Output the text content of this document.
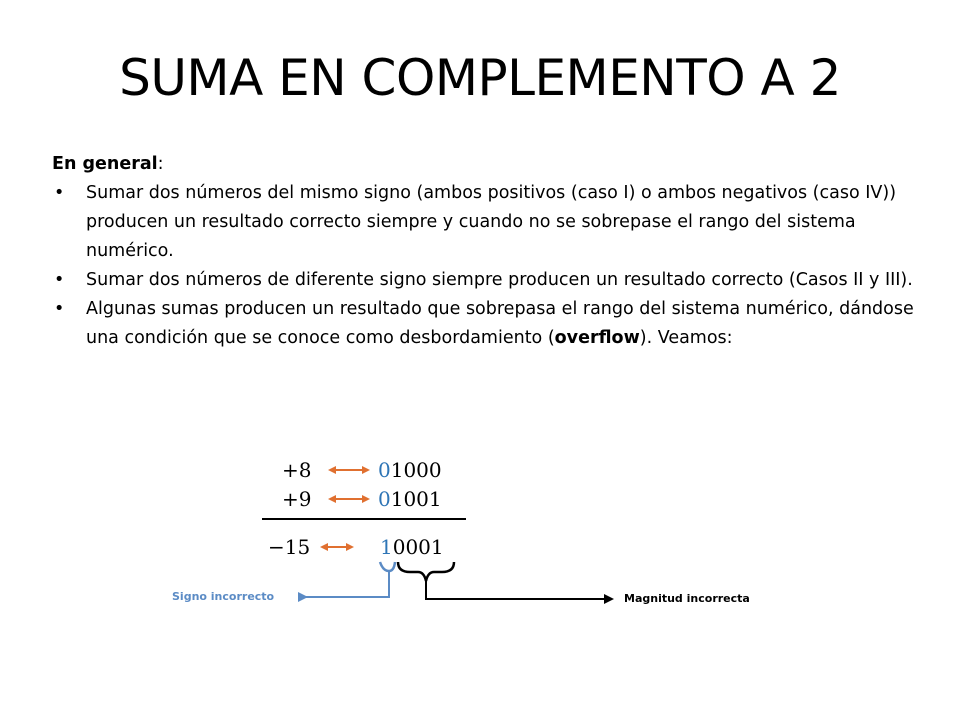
SUMA EN COMPLEMENTO A 2

En general:

• Sumar dos números del mismo signo (ambos positivos (caso I) o ambos negativos (caso IV)) producen un resultado correcto siempre y cuando no se sobrepase el rango del sistema numérico.
• Sumar dos números de diferente signo siempre producen un resultado correcto (Casos II y III).
• Algunas sumas producen un resultado que sobrepasa el rango del sistema numérico, dándose una condición que se conoce como desbordamiento (overflow). Veamos:
+8	01000
+9	01001
−15	10001
Signo incorrecto	Magnitud incorrecta
